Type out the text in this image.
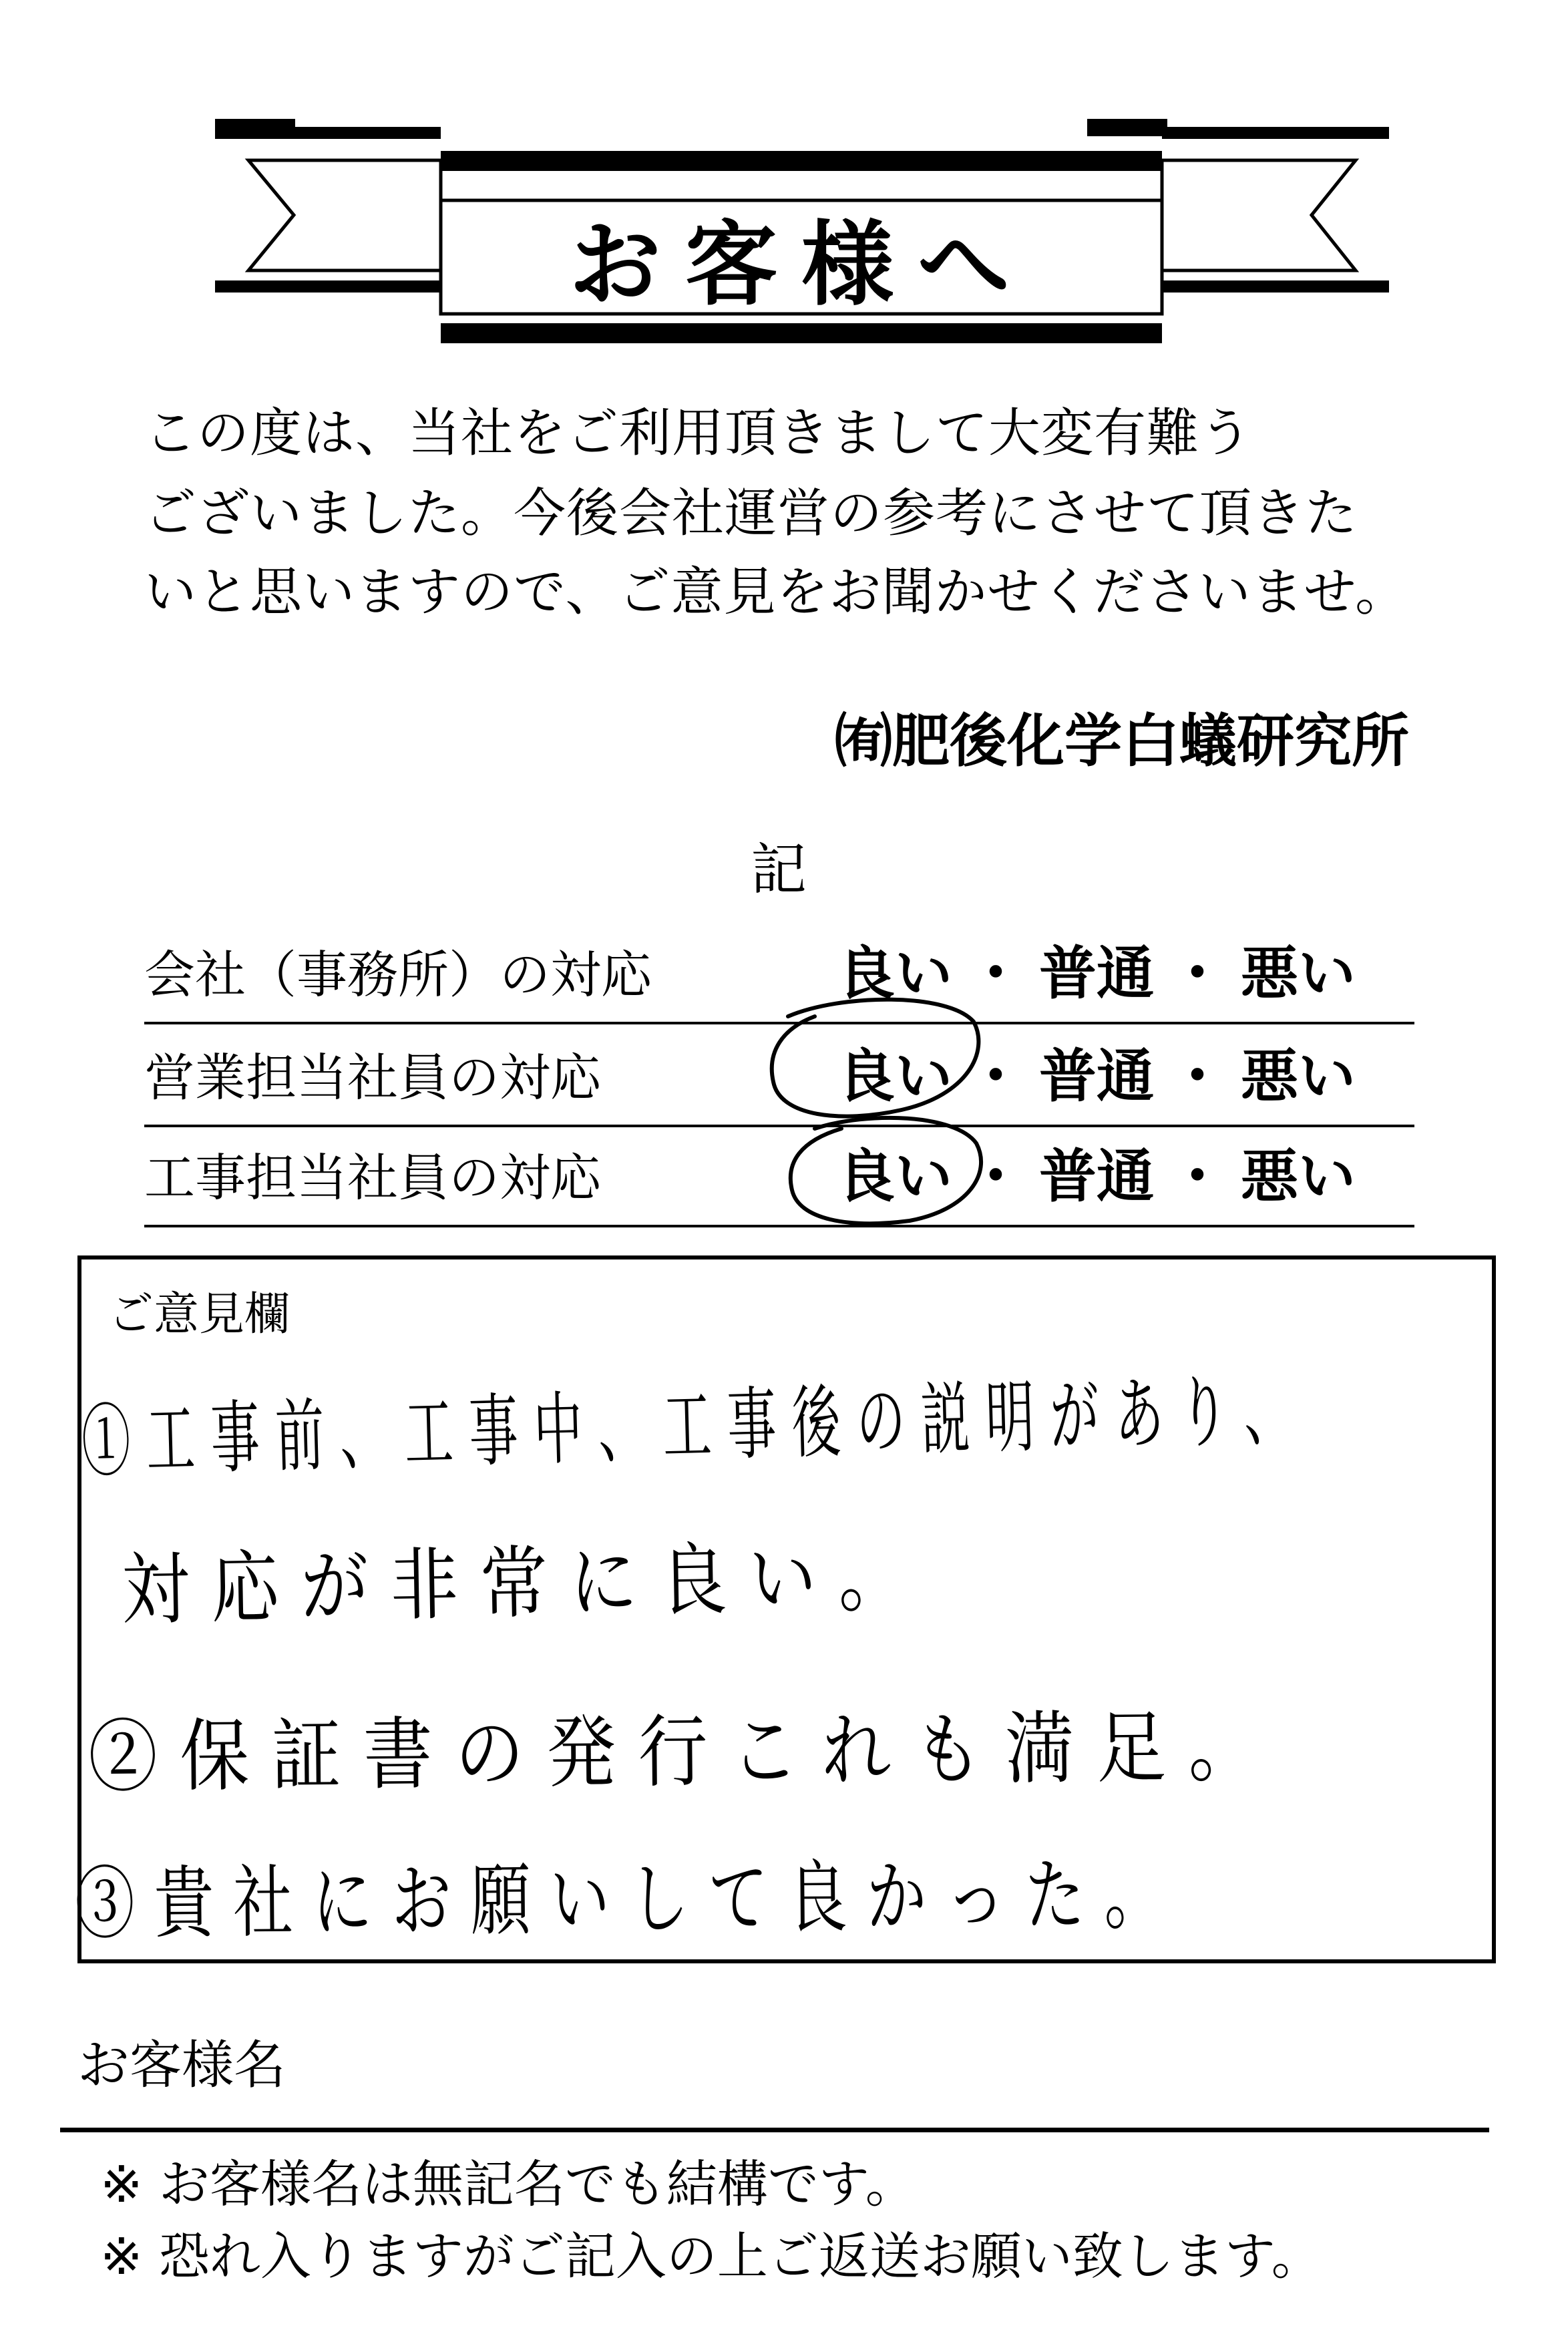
お客様へ
この度は、当社をご利用頂きまして大変有難う
ございました。今後会社運営の参考にさせて頂きた
いと思いますので、ご意見をお聞かせくださいませ。
㈲肥後化学白蟻研究所
記
会社（事務所）の対応	良い ・ 普通 ・ 悪い
営業担当社員の対応	良い ・ 普通 ・ 悪い
工事担当社員の対応	良い ・ 普通 ・ 悪い
ご意見欄
①工事前、工事中、工事後の説明があり、
対応が非常に良い。
②保証書の発行これも満足。
③貴社にお願いして良かった。
お客様名
※ お客様名は無記名でも結構です。
※ 恐れ入りますがご記入の上ご返送お願い致します。
